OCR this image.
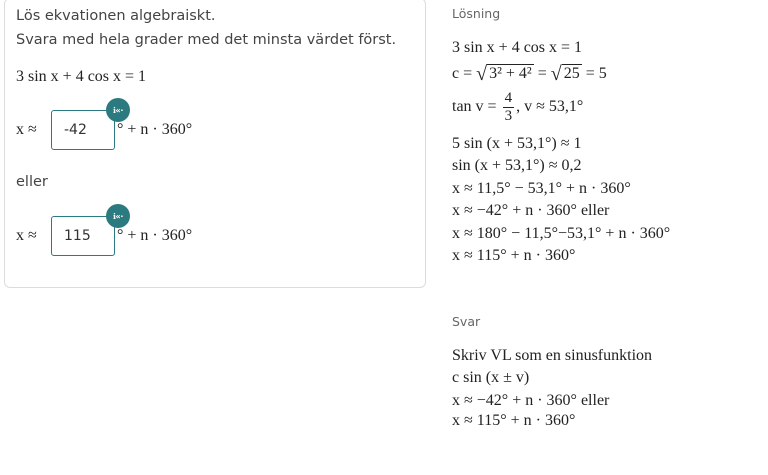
Lös ekvationen algebraiskt.
Svara med hela grader med det minsta värdet först.
3 sin x + 4 cos x = 1
x ≈
-42
ℹ«·
° + n · 360°
eller
x ≈
115
ℹ«·
° + n · 360°
Lösning
3 sin x + 4 cos x = 1
c = √ 3² + 4² = √ 25 = 5
$\tan v = \frac{4}{3}$ , v ≈ 53,1°
5 sin (x + 53,1°) ≈ 1
sin (x + 53,1°) ≈ 0,2
x ≈ 11,5° − 53,1° + n · 360°
x ≈ −42° + n · 360° eller
x ≈ 180° − 11,5°−53,1° + n · 360°
x ≈ 115° + n · 360°
Svar
Skriv VL som en sinusfunktion
c sin (x ± v)
x ≈ −42° + n · 360° eller
x ≈ 115° + n · 360°
